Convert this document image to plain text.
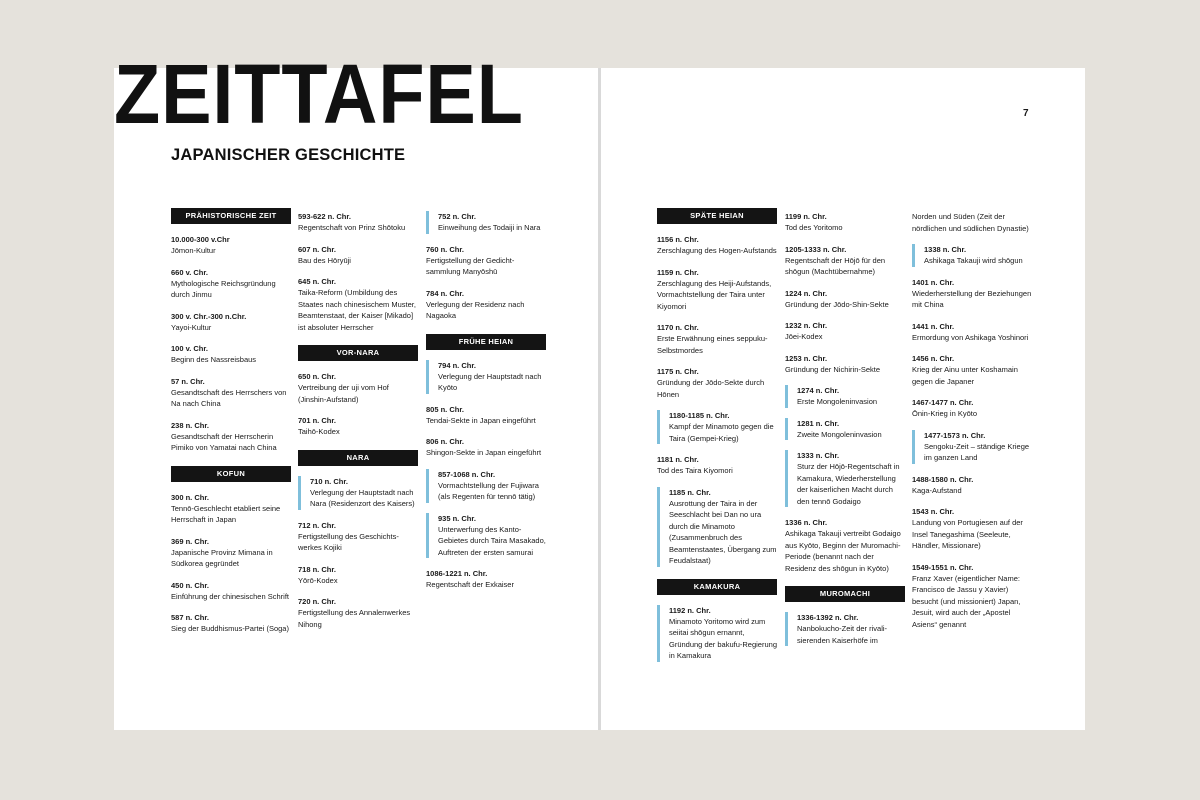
ZEITTAFEL
JAPANISCHER GESCHICHTE
7
PRÄHISTORISCHE ZEIT
10.000-300 v.Chr
Jōmon-Kultur
660 v. Chr.
Mythologische Reichsgründung durch Jinmu
300 v. Chr.-300 n.Chr.
Yayoi-Kultur
100 v. Chr.
Beginn des Nassreisbaus
57 n. Chr.
Gesandtschaft des Herrschers von Na nach China
238 n. Chr.
Gesandtschaft der Herrscherin Pimiko von Yamatai nach China
KOFUN
300 n. Chr.
Tennō-Geschlecht etabliert seine Herrschaft in Japan
369 n. Chr.
Japanische Provinz Mimana in Südkorea gegründet
450 n. Chr.
Einführung der chinesischen Schrift
587 n. Chr.
Sieg der Buddhismus-Partei (Soga)
593-622 n. Chr.
Regentschaft von Prinz Shōtoku
607 n. Chr.
Bau des Hōryūji
645 n. Chr.
Taika-Reform (Umbildung des Staates nach chinesischem Muster, Beamtenstaat, der Kaiser [Mikado] ist absoluter Herrscher
VOR-NARA
650 n. Chr.
Vertreibung der uji vom Hof (Jinshin-Aufstand)
701 n. Chr.
Taihō-Kodex
NARA
710 n. Chr.
Verlegung der Hauptstadt nach Nara (Residenzort des Kaisers)
712 n. Chr.
Fertigstellung des Geschichtswerkes Kojiki
718 n. Chr.
Yōrō-Kodex
720 n. Chr.
Fertigstellung des Annalenwerkes Nihong
752 n. Chr.
Einweihung des Todaiji in Nara
760 n. Chr.
Fertigstellung der Gedichtsammlung Manyōshū
784 n. Chr.
Verlegung der Residenz nach Nagaoka
FRÜHE HEIAN
794 n. Chr.
Verlegung der Hauptstadt nach Kyōto
805 n. Chr.
Tendai-Sekte in Japan eingeführt
806 n. Chr.
Shingon-Sekte in Japan eingeführt
857-1068 n. Chr.
Vormachtstellung der Fujiwara (als Regenten für tennō tätig)
935 n. Chr.
Unterwerfung des Kanto-Gebietes durch Taira Masakado, Auftreten der ersten samurai
1086-1221 n. Chr.
Regentschaft der Exkaiser
SPÄTE HEIAN
1156 n. Chr.
Zerschlagung des Hogen-Aufstands
1159 n. Chr.
Zerschlagung des Heiji-Aufstands, Vormachtstellung der Taira unter Kiyomori
1170 n. Chr.
Erste Erwähnung eines seppuku-Selbstmordes
1175 n. Chr.
Gründung der Jōdo-Sekte durch Hōnen
1180-1185 n. Chr.
Kampf der Minamoto gegen die Taira (Gempei-Krieg)
1181 n. Chr.
Tod des Taira Kiyomori
1185 n. Chr.
Ausrottung der Taira in der Seeschlacht bei Dan no ura durch die Minamoto (Zusammenbruch des Beamtenstaates, Übergang zum Feudalstaat)
KAMAKURA
1192 n. Chr.
Minamoto Yoritomo wird zum seiitai shōgun ernannt, Gründung der bakufu-Regierung in Kamakura
1199 n. Chr.
Tod des Yoritomo
1205-1333 n. Chr.
Regentschaft der Hōjō für den shōgun (Machtübernahme)
1224 n. Chr.
Gründung der Jōdo-Shin-Sekte
1232 n. Chr.
Jōei-Kodex
1253 n. Chr.
Gründung der Nichirin-Sekte
1274 n. Chr.
Erste Mongoleninvasion
1281 n. Chr.
Zweite Mongoleninvasion
1333 n. Chr.
Sturz der Hōjō-Regentschaft in Kamakura, Wiederherstellung der kaiserlichen Macht durch den tennō Godaigo
1336 n. Chr.
Ashikaga Takauji vertreibt Godaigo aus Kyōto, Beginn der Muromachi-Periode (benannt nach der Residenz des shōgun in Kyōto)
MUROMACHI
1336-1392 n. Chr.
Nanbokucho-Zeit der rivalisierenden Kaiserhöfe im
Norden und Süden (Zeit der nördlichen und südlichen Dynastie)
1338 n. Chr.
Ashikaga Takauji wird shōgun
1401 n. Chr.
Wiederherstellung der Beziehungen mit China
1441 n. Chr.
Ermordung von Ashikaga Yoshinori
1456 n. Chr.
Krieg der Ainu unter Koshamain gegen die Japaner
1467-1477 n. Chr.
Ōnin-Krieg in Kyōto
1477-1573 n. Chr.
Sengoku-Zeit – ständige Kriege im ganzen Land
1488-1580 n. Chr.
Kaga-Aufstand
1543 n. Chr.
Landung von Portugiesen auf der Insel Tanegashima (Seeleute, Händler, Missionare)
1549-1551 n. Chr.
Franz Xaver (eigentlicher Name: Francisco de Jassu y Xavier) besucht (und missioniert) Japan, Jesuit, wird auch der „Apostel Asiens“ genannt
